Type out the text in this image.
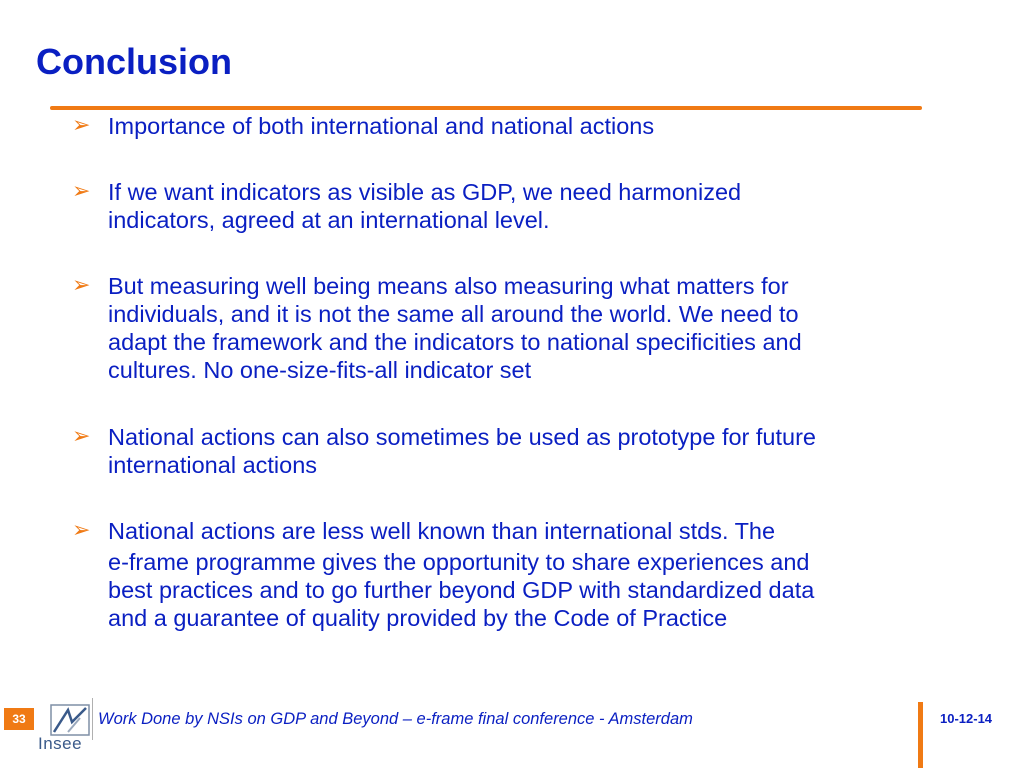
Conclusion
➢ Importance of both international and national actions

➢ If we want indicators as visible as GDP, we need harmonized
indicators, agreed at an international level.

➢ But measuring well being means also measuring what matters for
individuals, and it is not the same all around the world. We need to
adapt the framework and the indicators to national specificities and
cultures. No one-size-fits-all indicator set

➢ National actions can also sometimes be used as prototype for future
international actions

➢ National actions are less well known than international stds. The
e-frame programme gives the opportunity to share experiences and
best practices and to go further beyond GDP with standardized data
and a guarantee of quality provided by the Code of Practice

33
Insee
Work Done by NSIs on GDP and Beyond – e-frame final conference - Amsterdam	10-12-14
